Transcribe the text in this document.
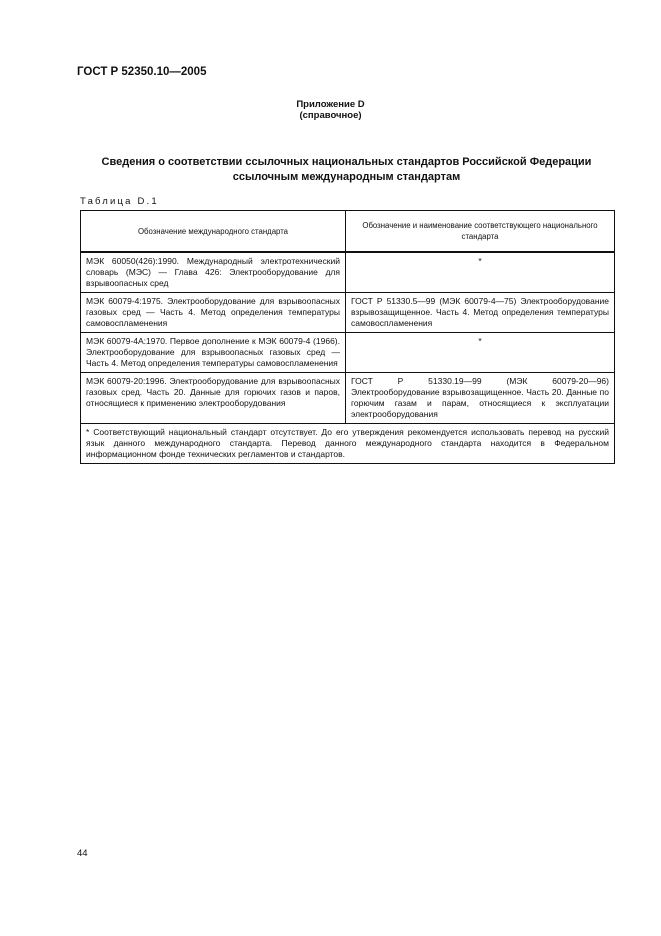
ГОСТ Р 52350.10—2005
Приложение D
(справочное)
Сведения о соответствии ссылочных национальных стандартов Российской Федерации
ссылочным международным стандартам
Таблица D.1
Обозначение международного стандарта	Обозначение и наименование соответствующего национального стандарта
МЭК 60050(426):1990. Международный электротехнический словарь (МЭС) — Глава 426: Электрооборудование для взрывоопасных сред	*
МЭК 60079-4:1975. Электрооборудование для взрывоопасных газовых сред — Часть 4. Метод определения температуры самовоспламенения	ГОСТ Р 51330.5—99 (МЭК 60079-4—75) Электрооборудование взрывозащищенное. Часть 4. Метод определения температуры самовоспламенения
МЭК 60079-4А:1970. Первое дополнение к МЭК 60079-4 (1966). Электрооборудование для взрывоопасных газовых сред — Часть 4. Метод определения температуры самовоспламенения	*
МЭК 60079-20:1996. Электрооборудование для взрывоопасных газовых сред. Часть 20. Данные для горючих газов и паров, относящиеся к применению электрооборудования	ГОСТ Р 51330.19—99 (МЭК 60079-20—96) Электрооборудование взрывозащищенное. Часть 20. Данные по горючим газам и парам, относящиеся к эксплуатации электрооборудования
* Соответствующий национальный стандарт отсутствует. До его утверждения рекомендуется использовать перевод на русский язык данного международного стандарта. Перевод данного международного стандарта находится в Федеральном информационном фонде технических регламентов и стандартов.	
44
